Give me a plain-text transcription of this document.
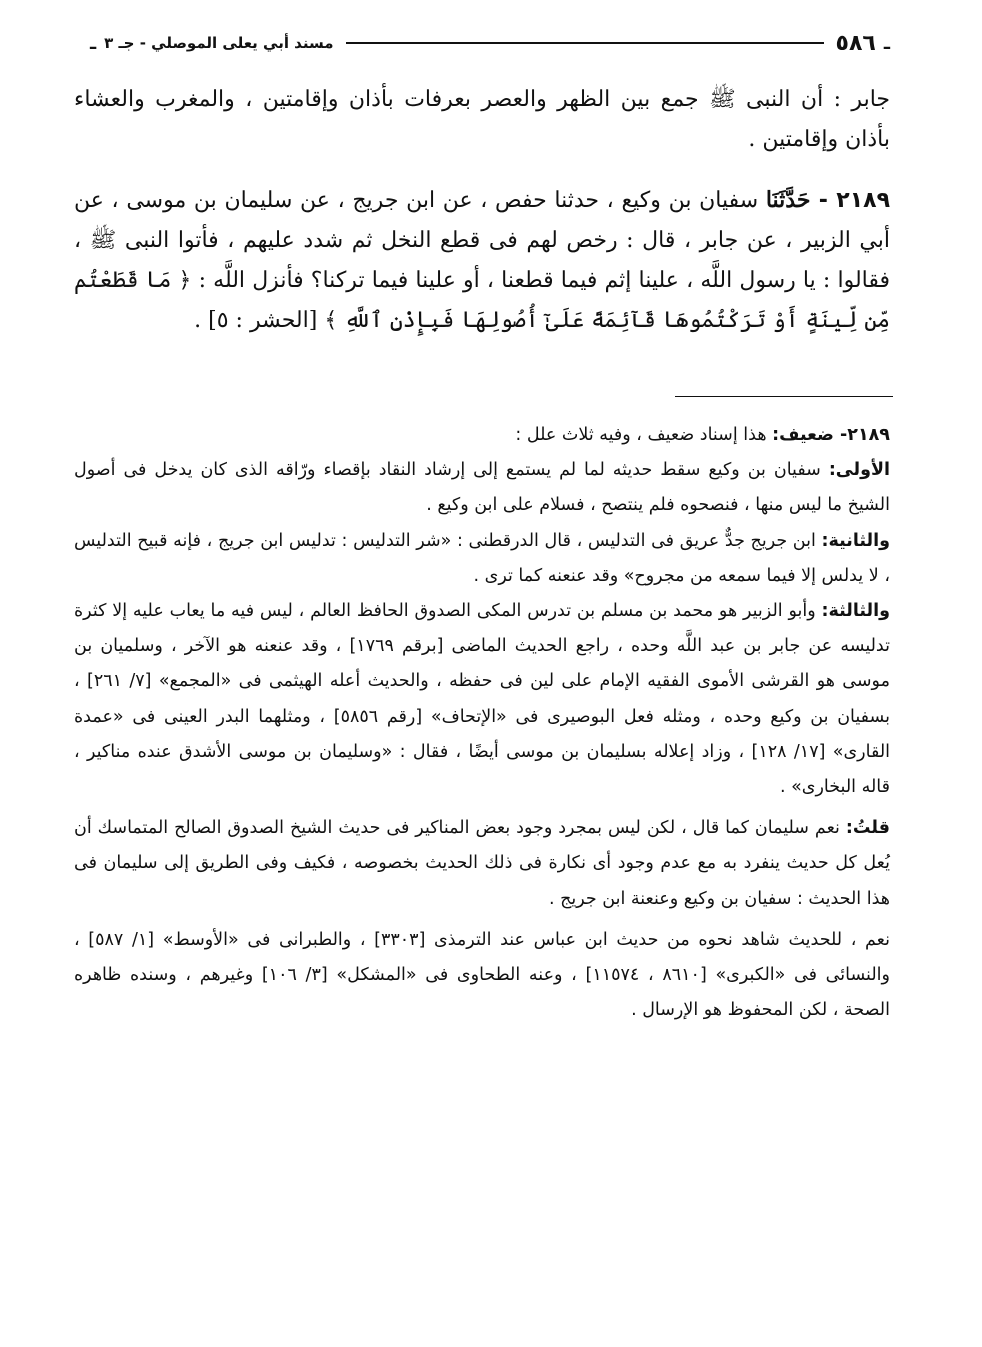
ـ
٥٨٦
مسند أبي يعلى الموصلي - جـ ٣
ـ

جابر : أن النبى ﷺ جمع بين الظهر والعصر بعرفات بأذان وإقامتين ، والمغرب والعشاء بأذان وإقامتين .

٢١٨٩ - حَدَّثَنَا سفيان بن وكيع ، حدثنا حفص ، عن ابن جريج ، عن سليمان بن موسى ، عن أبي الزبير ، عن جابر ، قال : رخص لهم فى قطع النخل ثم شدد عليهم ، فأتوا النبى ﷺ ، فقالوا : يا رسول اللَّه ، علينا إثم فيما قطعنا ، أو علينا فيما تركنا؟ فأنزل اللَّه : ﴿ مَا قَطَعْتُم مِّن لِّينَةٍ أَوْ تَرَكْتُمُوهَا قَآئِمَةً عَلَىٰٓ أُصُولِهَا فَبِإِذْنِ ٱللَّهِ ﴾ [الحشر : ٥] .

٢١٨٩- ضعيف: هذا إسناد ضعيف ، وفيه ثلاث علل :

الأولى: سفيان بن وكيع سقط حديثه لما لم يستمع إلى إرشاد النقاد بإقصاء ورّاقه الذى كان يدخل فى أصول الشيخ ما ليس منها ، فنصحوه فلم ينتصح ، فسلام على ابن وكيع .

والثانية: ابن جريج جدٌّ عريق فى التدليس ، قال الدرقطنى : «شر التدليس : تدليس ابن جريج ، فإنه قبيح التدليس ، لا يدلس إلا فيما سمعه من مجروح» وقد عنعنه كما ترى .

والثالثة: وأبو الزبير هو محمد بن مسلم بن تدرس المكى الصدوق الحافظ العالم ، ليس فيه ما يعاب عليه إلا كثرة تدليسه عن جابر بن عبد اللَّه وحده ، راجع الحديث الماضى [برقم ١٧٦٩] ، وقد عنعنه هو الآخر ، وسلميان بن موسى هو القرشى الأموى الفقيه الإمام على لين فى حفظه ، والحديث أعله الهيثمى فى «المجمع» [٧/ ٢٦١] ، بسفيان بن وكيع وحده ، ومثله فعل البوصيرى فى «الإتحاف» [رقم ٥٨٥٦] ، ومثلهما البدر العينى فى «عمدة القارى» [١٧/ ١٢٨] ، وزاد إعلاله بسليمان بن موسى أيضًا ، فقال : «وسليمان بن موسى الأشدق عنده مناكير ، قاله البخارى» .

قلتُ: نعم سليمان كما قال ، لكن ليس بمجرد وجود بعض المناكير فى حديث الشيخ الصدوق الصالح المتماسك أن يُعل كل حديث ينفرد به مع عدم وجود أى نكارة فى ذلك الحديث بخصوصه ، فكيف وفى الطريق إلى سليمان فى هذا الحديث : سفيان بن وكيع وعنعنة ابن جريج .

نعم ، للحديث شاهد نحوه من حديث ابن عباس عند الترمذى [٣٣٠٣] ، والطبرانى فى «الأوسط» [١/ ٥٨٧] ، والنسائى فى «الكبرى» [٨٦١٠ ، ١١٥٧٤] ، وعنه الطحاوى فى «المشكل» [٣/ ١٠٦] وغيرهم ، وسنده ظاهره الصحة ، لكن المحفوظ هو الإرسال .
